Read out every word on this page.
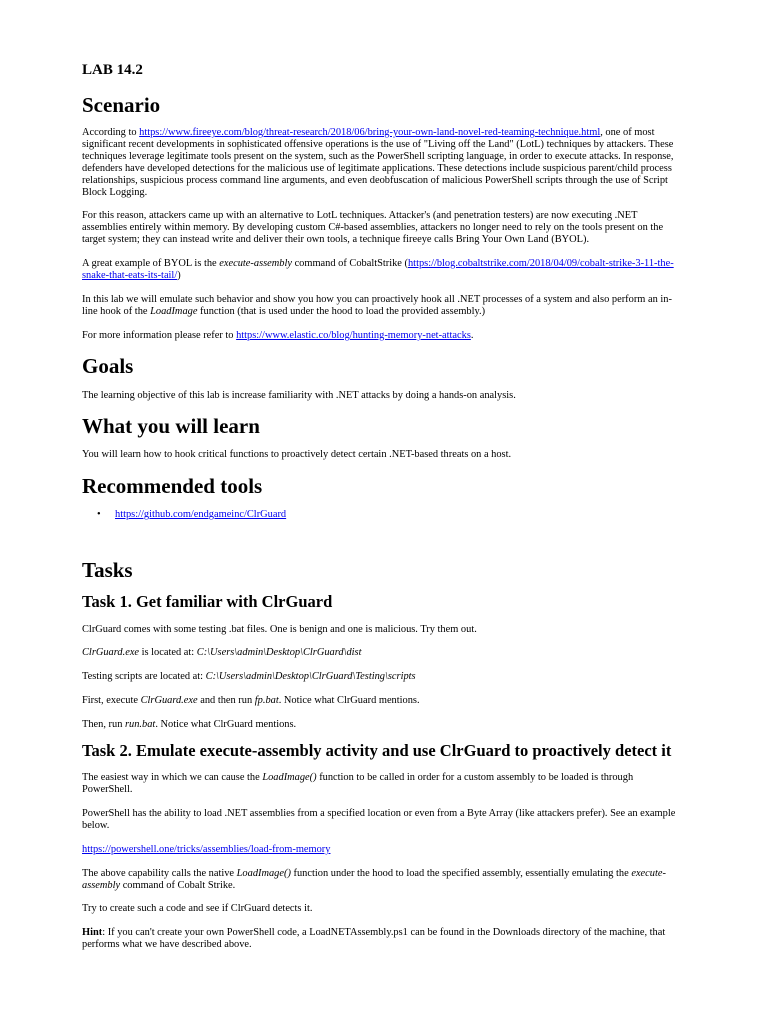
LAB 14.2
Scenario

According to https://www.fireeye.com/blog/threat-research/2018/06/bring-your-own-land-novel-red-teaming-technique.html, one of most significant recent developments in sophisticated offensive operations is the use of "Living off the Land" (LotL) techniques by attackers. These techniques leverage legitimate tools present on the system, such as the PowerShell scripting language, in order to execute attacks. In response, defenders have developed detections for the malicious use of legitimate applications. These detections include suspicious parent/child process relationships, suspicious process command line arguments, and even deobfuscation of malicious PowerShell scripts through the use of Script Block Logging.

For this reason, attackers came up with an alternative to LotL techniques. Attacker's (and penetration testers) are now executing .NET assemblies entirely within memory. By developing custom C#-based assemblies, attackers no longer need to rely on the tools present on the target system; they can instead write and deliver their own tools, a technique fireeye calls Bring Your Own Land (BYOL).

A great example of BYOL is the execute-assembly command of CobaltStrike (https://blog.cobaltstrike.com/2018/04/09/cobalt-strike-3-11-the-snake-that-eats-its-tail/)

In this lab we will emulate such behavior and show you how you can proactively hook all .NET processes of a system and also perform an in-line hook of the LoadImage function (that is used under the hood to load the provided assembly.)

For more information please refer to https://www.elastic.co/blog/hunting-memory-net-attacks.

Goals

The learning objective of this lab is increase familiarity with .NET attacks by doing a hands-on analysis.

What you will learn

You will learn how to hook critical functions to proactively detect certain .NET-based threats on a host.

Recommended tools
• https://github.com/endgameinc/ClrGuard
Tasks
Task 1. Get familiar with ClrGuard

ClrGuard comes with some testing .bat files. One is benign and one is malicious. Try them out.

ClrGuard.exe is located at: C:\Users\admin\Desktop\ClrGuard\dist

Testing scripts are located at: C:\Users\admin\Desktop\ClrGuard\Testing\scripts

First, execute ClrGuard.exe and then run fp.bat. Notice what ClrGuard mentions.

Then, run run.bat. Notice what ClrGuard mentions.

Task 2. Emulate execute-assembly activity and use ClrGuard to proactively detect it

The easiest way in which we can cause the LoadImage() function to be called in order for a custom assembly to be loaded is through PowerShell.

PowerShell has the ability to load .NET assemblies from a specified location or even from a Byte Array (like attackers prefer). See an example below.

https://powershell.one/tricks/assemblies/load-from-memory

The above capability calls the native LoadImage() function under the hood to load the specified assembly, essentially emulating the execute-assembly command of Cobalt Strike.

Try to create such a code and see if ClrGuard detects it.

Hint: If you can't create your own PowerShell code, a LoadNETAssembly.ps1 can be found in the Downloads directory of the machine, that performs what we have described above.
